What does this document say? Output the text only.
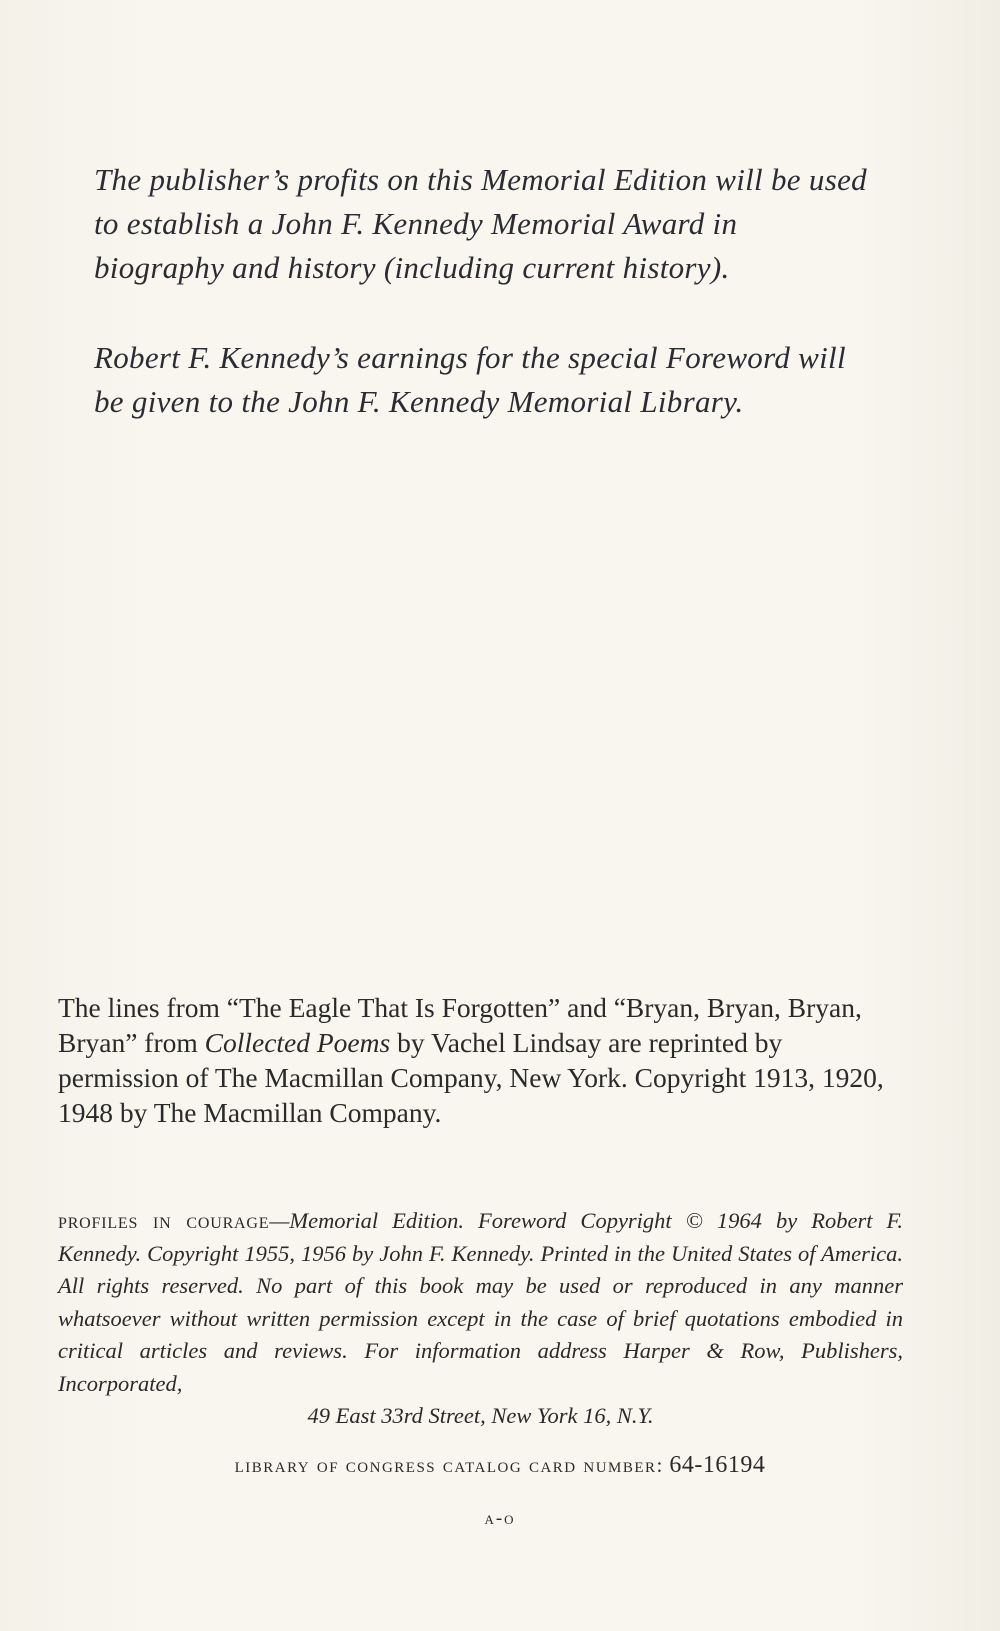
The publisher’s profits on this Memorial Edition will be used to establish a John F. Kennedy Memorial Award in biography and history (including current history).

Robert F. Kennedy’s earnings for the special Foreword will be given to the John F. Kennedy Memorial Library.

The lines from “The Eagle That Is Forgotten” and “Bryan, Bryan, Bryan, Bryan” from Collected Poems by Vachel Lindsay are reprinted by permission of The Macmillan Company, New York. Copyright 1913, 1920, 1948 by The Macmillan Company.

profiles in courage—Memorial Edition. Foreword Copyright © 1964 by Robert F. Kennedy. Copyright 1955, 1956 by John F. Kennedy. Printed in the United States of America. All rights reserved. No part of this book may be used or reproduced in any manner whatsoever without written permission except in the case of brief quotations embodied in critical articles and reviews. For information address Harper & Row, Publishers, Incorporated,
49 East 33rd Street, New York 16, N.Y.

library of congress catalog card number: 64-16194

a-o
